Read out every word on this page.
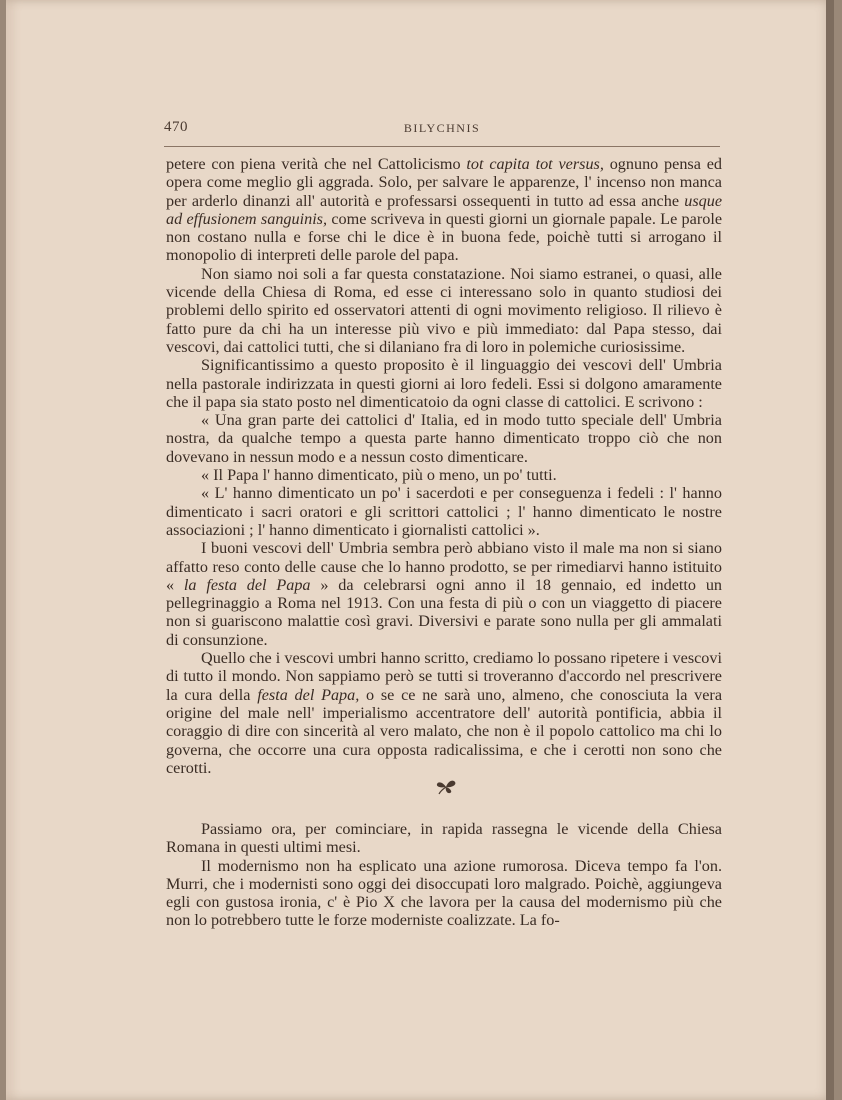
470	BILYCHNIS

petere con piena verità che nel Cattolicismo tot capita tot versus, ognuno pensa ed opera come meglio gli aggrada. Solo, per salvare le apparenze, l' incenso non manca per arderlo dinanzi all' autorità e professarsi ossequenti in tutto ad essa anche usque ad effusionem sanguinis, come scriveva in questi giorni un giornale papale. Le parole non costano nulla e forse chi le dice è in buona fede, poichè tutti si arrogano il monopolio di interpreti delle parole del papa.

Non siamo noi soli a far questa constatazione. Noi siamo estranei, o quasi, alle vicende della Chiesa di Roma, ed esse ci interessano solo in quanto studiosi dei problemi dello spirito ed osservatori attenti di ogni movimento religioso. Il rilievo è fatto pure da chi ha un interesse più vivo e più immediato: dal Papa stesso, dai vescovi, dai cattolici tutti, che si dilaniano fra di loro in polemiche curiosissime.

Significantissimo a questo proposito è il linguaggio dei vescovi dell' Umbria nella pastorale indirizzata in questi giorni ai loro fedeli. Essi si dolgono amaramente che il papa sia stato posto nel dimenticatoio da ogni classe di cattolici. E scrivono :

« Una gran parte dei cattolici d' Italia, ed in modo tutto speciale dell' Umbria nostra, da qualche tempo a questa parte hanno dimenticato troppo ciò che non dovevano in nessun modo e a nessun costo dimenticare.

« Il Papa l' hanno dimenticato, più o meno, un po' tutti.

« L' hanno dimenticato un po' i sacerdoti e per conseguenza i fedeli : l' hanno dimenticato i sacri oratori e gli scrittori cattolici ; l' hanno dimenticato le nostre associazioni ; l' hanno dimenticato i giornalisti cattolici ».

I buoni vescovi dell' Umbria sembra però abbiano visto il male ma non si siano affatto reso conto delle cause che lo hanno prodotto, se per rimediarvi hanno istituito « la festa del Papa » da celebrarsi ogni anno il 18 gennaio, ed indetto un pellegrinaggio a Roma nel 1913. Con una festa di più o con un viaggetto di piacere non si guariscono malattie così gravi. Diversivi e parate sono nulla per gli ammalati di consunzione.

Quello che i vescovi umbri hanno scritto, crediamo lo possano ripetere i vescovi di tutto il mondo. Non sappiamo però se tutti si troveranno d'accordo nel prescrivere la cura della festa del Papa, o se ce ne sarà uno, almeno, che conosciuta la vera origine del male nell' imperialismo accentratore dell' autorità pontificia, abbia il coraggio di dire con sincerità al vero malato, che non è il popolo cattolico ma chi lo governa, che occorre una cura opposta radicalissima, e che i cerotti non sono che cerotti.

Passiamo ora, per cominciare, in rapida rassegna le vicende della Chiesa Romana in questi ultimi mesi.

Il modernismo non ha esplicato una azione rumorosa. Diceva tempo fa l'on. Murri, che i modernisti sono oggi dei disoccupati loro malgrado. Poichè, aggiungeva egli con gustosa ironia, c' è Pio X che lavora per la causa del modernismo più che non lo potrebbero tutte le forze moderniste coalizzate. La fo-
